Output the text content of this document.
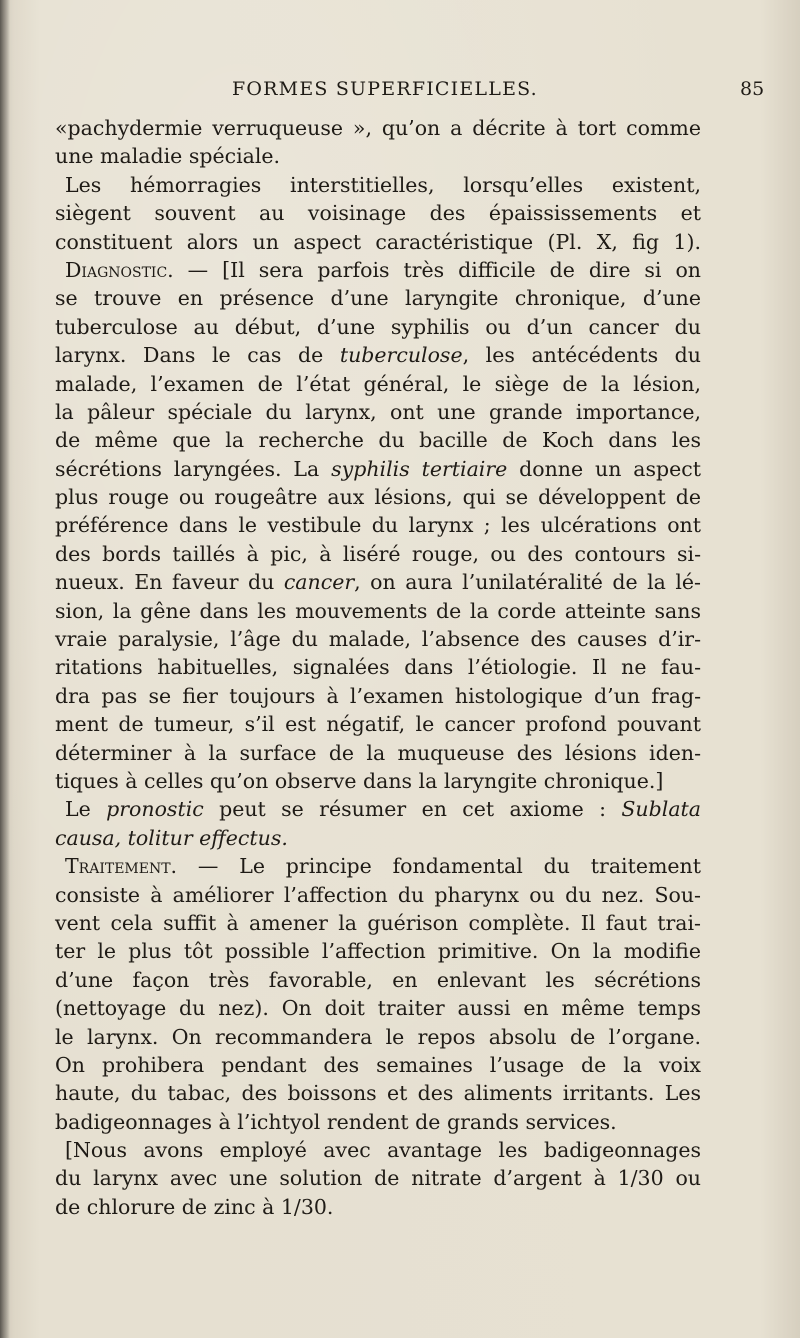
FORMES SUPERFICIELLES.	85
«pachydermie verruqueuse », qu’on a décrite à tort comme
une maladie spéciale.
Les hémorragies interstitielles, lorsqu’elles existent,
siègent souvent au voisinage des épaississements et
constituent alors un aspect caractéristique (Pl. X, fig 1).
Diagnostic. — [Il sera parfois très difficile de dire si on
se trouve en présence d’une laryngite chronique, d’une
tuberculose au début, d’une syphilis ou d’un cancer du
larynx. Dans le cas de tuberculose, les antécédents du
malade, l’examen de l’état général, le siège de la lésion,
la pâleur spéciale du larynx, ont une grande importance,
de même que la recherche du bacille de Koch dans les
sécrétions laryngées. La syphilis tertiaire donne un aspect
plus rouge ou rougeâtre aux lésions, qui se développent de
préférence dans le vestibule du larynx ; les ulcérations ont
des bords taillés à pic, à liséré rouge, ou des contours si-
nueux. En faveur du cancer, on aura l’unilatéralité de la lé-
sion, la gêne dans les mouvements de la corde atteinte sans
vraie paralysie, l’âge du malade, l’absence des causes d’ir-
ritations habituelles, signalées dans l’étiologie. Il ne fau-
dra pas se fier toujours à l’examen histologique d’un frag-
ment de tumeur, s’il est négatif, le cancer profond pouvant
déterminer à la surface de la muqueuse des lésions iden-
tiques à celles qu’on observe dans la laryngite chronique.]
Le pronostic peut se résumer en cet axiome : Sublata
causa, tolitur effectus.
Traitement. — Le principe fondamental du traitement
consiste à améliorer l’affection du pharynx ou du nez. Sou-
vent cela suffit à amener la guérison complète. Il faut trai-
ter le plus tôt possible l’affection primitive. On la modifie
d’une façon très favorable, en enlevant les sécrétions
(nettoyage du nez). On doit traiter aussi en même temps
le larynx. On recommandera le repos absolu de l’organe.
On prohibera pendant des semaines l’usage de la voix
haute, du tabac, des boissons et des aliments irritants. Les
badigeonnages à l’ichtyol rendent de grands services.
[Nous avons employé avec avantage les badigeonnages
du larynx avec une solution de nitrate d’argent à 1/30 ou
de chlorure de zinc à 1/30.
